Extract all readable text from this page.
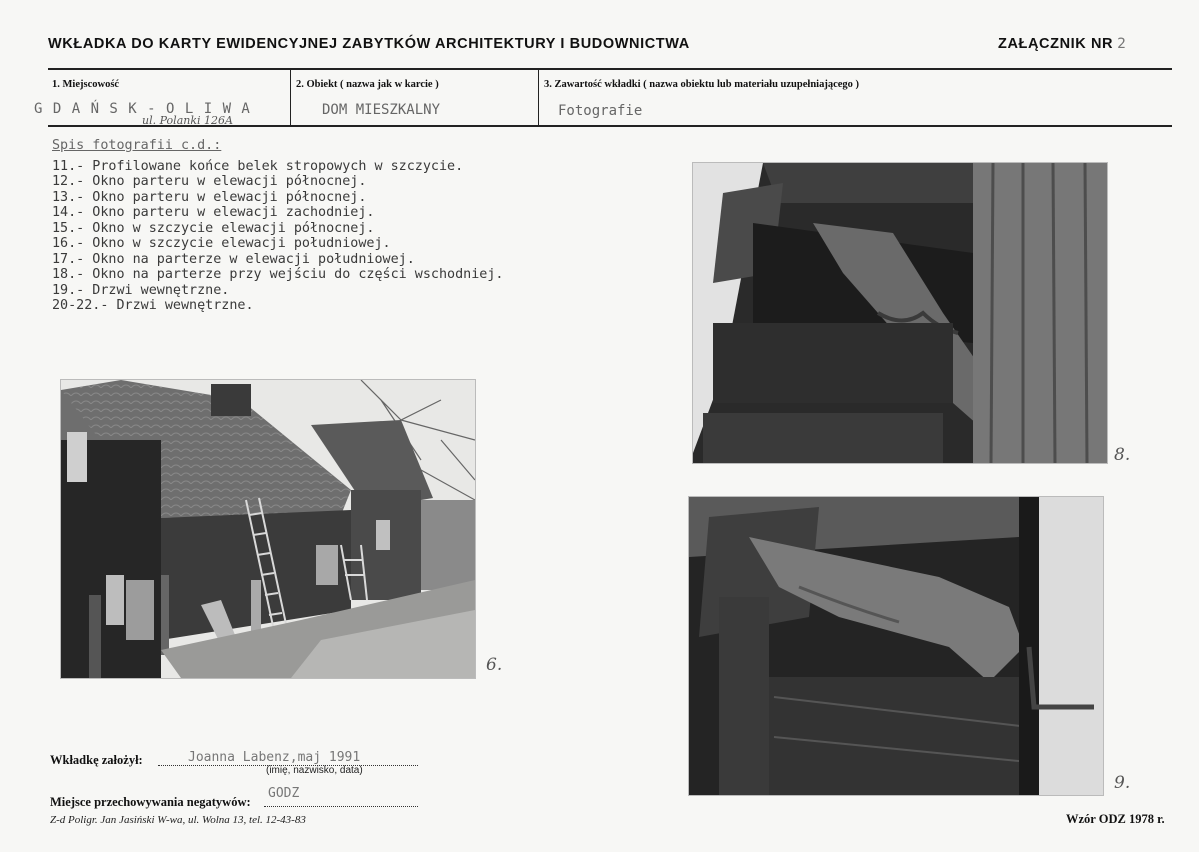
WKŁADKA DO KARTY EWIDENCYJNEJ ZABYTKÓW ARCHITEKTURY I BUDOWNICTWA	ZAŁĄCZNIK NR 2
1. Miejscowość	2. Obiekt ( nazwa jak w karcie )	3. Zawartość wkładki ( nazwa obiektu lub materiału uzupełniającego )
G D A Ń S K - O L I W A
ul. Polanki 126A
DOM MIESZKALNY	Fotografie
Spis fotografii c.d.:
11.- Profilowane końce belek stropowych w szczycie.
12.- Okno parteru w elewacji północnej.
13.- Okno parteru w elewacji północnej.
14.- Okno parteru w elewacji zachodniej.
15.- Okno w szczycie elewacji północnej.
16.- Okno w szczycie elewacji południowej.
17.- Okno na parterze w elewacji południowej.
18.- Okno na parterze przy wejściu do części wschodniej.
19.- Drzwi wewnętrzne.
20-22.- Drzwi wewnętrzne.
6.
8.
9.
Wkładkę założył:	Joanna Labenz,maj 1991
(imię, nazwisko, data)
Miejsce przechowywania negatywów:
GODZ
Z-d Poligr. Jan Jasiński W-wa, ul. Wolna 13, tel. 12-43-83	Wzór ODZ 1978 r.
